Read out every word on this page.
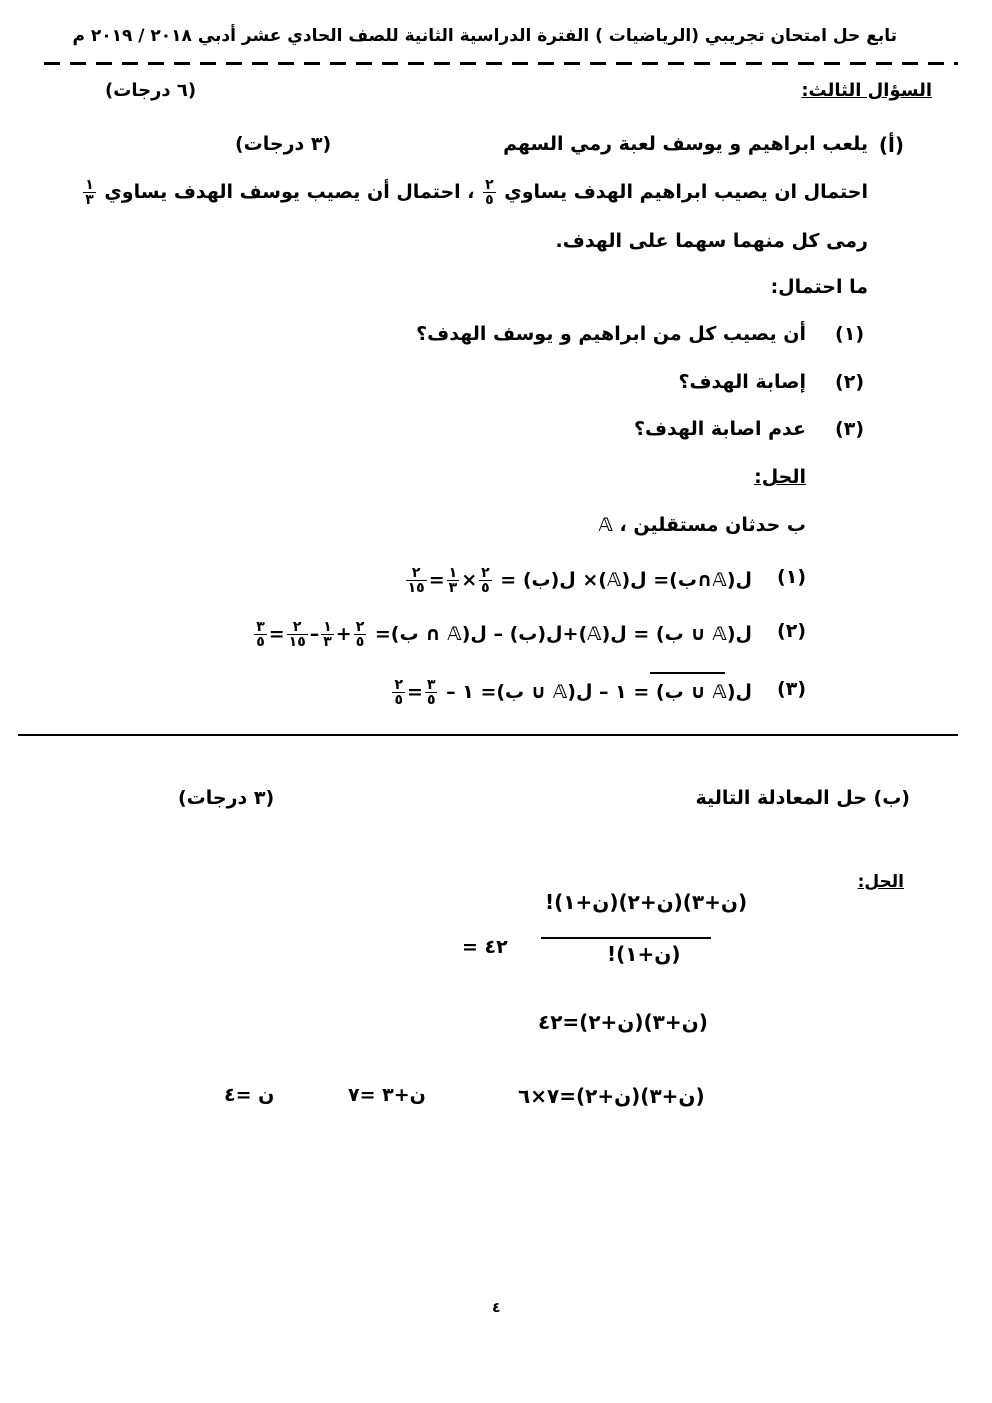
تابع حل امتحان تجريبي (الرياضيات ) الفترة الدراسية الثانية للصف الحادي عشر أدبي ٢٠١٨ / ٢٠١٩ م
السؤال الثالث:
(٦ درجات)
(أ)
يلعب ابراهيم و يوسف لعبة رمي السهم
(٣ درجات)
احتمال ان يصيب ابراهيم الهدف يساوي
$\frac{٢}{٥}$
، احتمال أن يصيب يوسف الهدف يساوي
$\frac{١}{٣}$
رمى كل منهما سهما على الهدف.
ما احتمال:
(١)
أن يصيب كل من ابراهيم و يوسف الهدف؟
(٢)
إصابة الهدف؟
(٣)
عدم اصابة الهدف؟
الحل:
𝔸 ، ب حدثان مستقلين
(١)
ل(𝔸∩ب)= ل(𝔸)× ل(ب) =
$\frac{٢}{٥}$
×
$\frac{١}{٣}$
=
$\frac{٢}{١٥}$
(٢)
ل(𝔸 ∪ ب) = ل(𝔸)+ل(ب) – ل(𝔸 ∩ ب)=
$\frac{٢}{٥}$
+
$\frac{١}{٣}$
–
$\frac{٢}{١٥}$
=
$\frac{٣}{٥}$
(٣)
ل(𝔸 ∪ ب) = ١ – ل(𝔸 ∪ ب)= ١ –
$\frac{٣}{٥}$
=
$\frac{٢}{٥}$
(ب) حل المعادلة التالية
(٣ درجات)
الحل:
(ن+٣)(ن+٢)(ن+١)!
(ن+١)!
= ٤٢
(ن+٣)(ن+٢)=٤٢
(ن+٣)(ن+٢)=٧×٦
ن+٣ =٧
ن =٤
٤
